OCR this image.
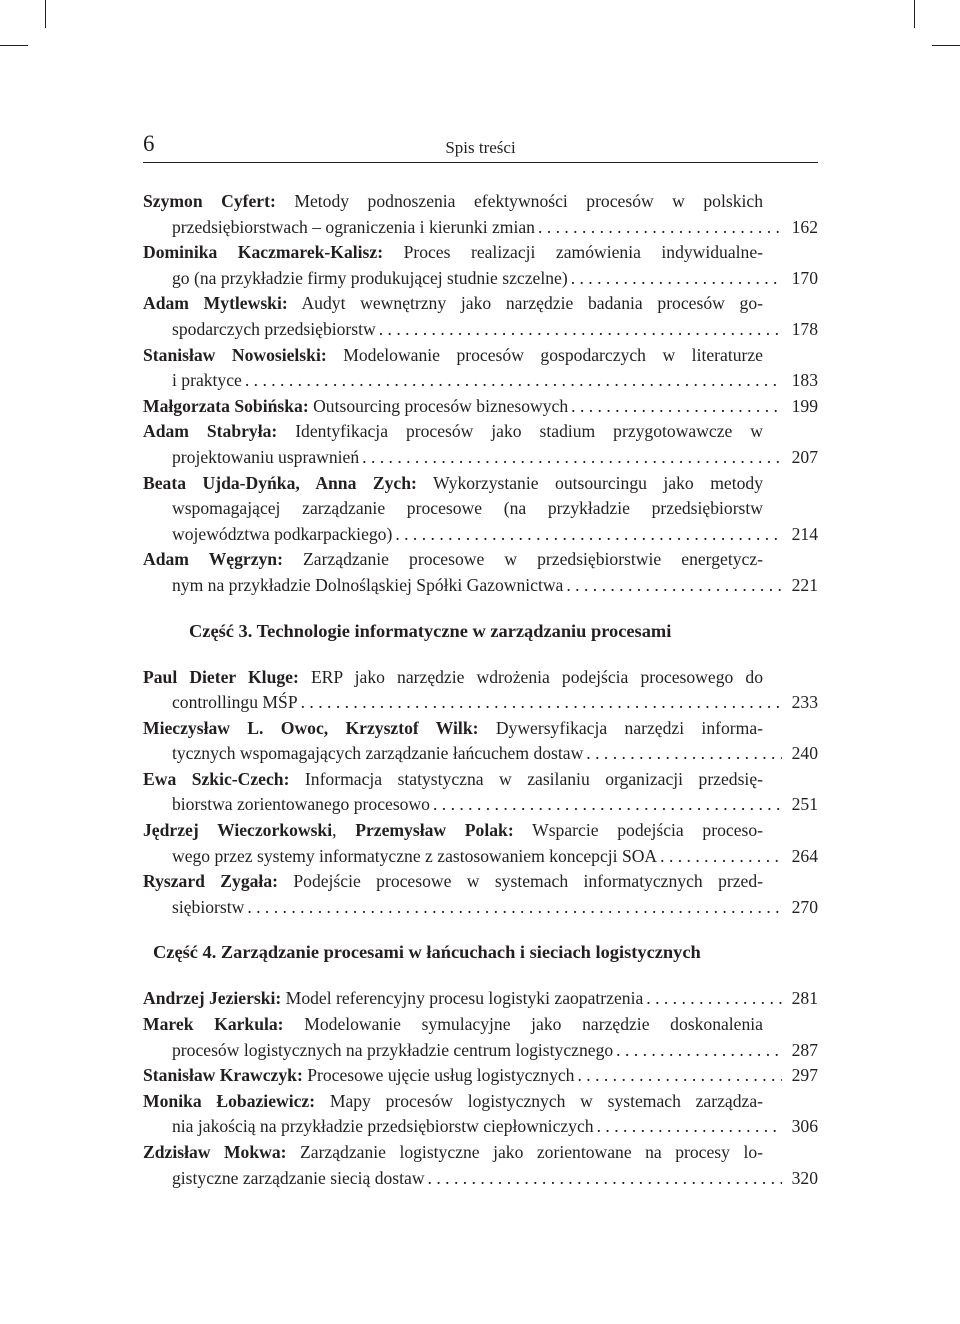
6	Spis treści
Szymon Cyfert: Metody podnoszenia efektywności procesów w polskich
przedsiębiorstwach – ograniczenia i kierunki zmian . . .	162
Dominika Kaczmarek-Kalisz: Proces realizacji zamówienia indywidualne-
go (na przykładzie firmy produkującej studnie szczelne) . . .	170
Adam Mytlewski: Audyt wewnętrzny jako narzędzie badania procesów go-
spodarczych przedsiębiorstw . . .	178
Stanisław Nowosielski: Modelowanie procesów gospodarczych w literaturze
i praktyce . . .	183
Małgorzata Sobińska: Outsourcing procesów biznesowych . . .	199
Adam Stabryła: Identyfikacja procesów jako stadium przygotowawcze w
projektowaniu usprawnień . . .	207
Beata Ujda-Dyńka, Anna Zych: Wykorzystanie outsourcingu jako metody
wspomagającej zarządzanie procesowe (na przykładzie przedsiębiorstw
województwa podkarpackiego) . . .	214
Adam Węgrzyn: Zarządzanie procesowe w przedsiębiorstwie energetycz-
nym na przykładzie Dolnośląskiej Spółki Gazownictwa . . .	221
Część 3. Technologie informatyczne w zarządzaniu procesami
Paul Dieter Kluge: ERP jako narzędzie wdrożenia podejścia procesowego do
controllingu MŚP . . .	233
Mieczysław L. Owoc, Krzysztof Wilk: Dywersyfikacja narzędzi informa-
tycznych wspomagających zarządzanie łańcuchem dostaw . . .	240
Ewa Szkic-Czech: Informacja statystyczna w zasilaniu organizacji przedsię-
biorstwa zorientowanego procesowo . . .	251
Jędrzej Wieczorkowski, Przemysław Polak: Wsparcie podejścia proceso-
wego przez systemy informatyczne z zastosowaniem koncepcji SOA . . .	264
Ryszard Zygała: Podejście procesowe w systemach informatycznych przed-
siębiorstw . . .	270
Część 4. Zarządzanie procesami w łańcuchach i sieciach logistycznych
Andrzej Jezierski: Model referencyjny procesu logistyki zaopatrzenia . . .	281
Marek Karkula: Modelowanie symulacyjne jako narzędzie doskonalenia
procesów logistycznych na przykładzie centrum logistycznego . . .	287
Stanisław Krawczyk: Procesowe ujęcie usług logistycznych . . .	297
Monika Łobaziewicz: Mapy procesów logistycznych w systemach zarządza-
nia jakością na przykładzie przedsiębiorstw ciepłowniczych . . .	306
Zdzisław Mokwa: Zarządzanie logistyczne jako zorientowane na procesy lo-
gistyczne zarządzanie siecią dostaw . . .	320
